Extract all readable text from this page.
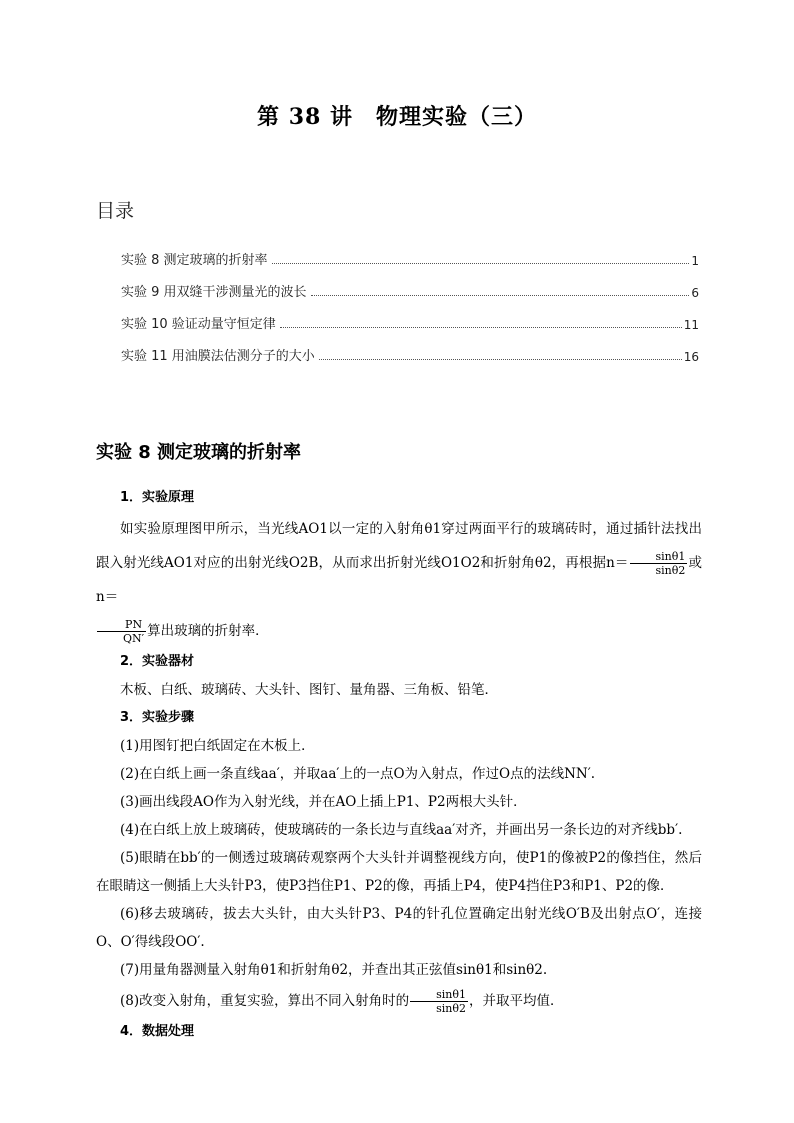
第 38 讲　物理实验（三）
目录
实验 8 测定玻璃的折射率	1
实验 9 用双缝干涉测量光的波长	6
实验 10 验证动量守恒定律	11
实验 11 用油膜法估测分子的大小	16
实验 8 测定玻璃的折射率
1．实验原理
如实验原理图甲所示，当光线AO1以一定的入射角θ1穿过两面平行的玻璃砖时，通过插针法找出跟入射光线AO1对应的出射光线O2B，从而求出折射光线O1O2和折射角θ2，再根据$n= \frac{\sin\theta 1}{\sin\theta 2}$ 或n＝

$\frac{PN}{QN'}$ 算出玻璃的折射率．
2．实验器材
木板、白纸、玻璃砖、大头针、图钉、量角器、三角板、铅笔．
3．实验步骤
(1)用图钉把白纸固定在木板上．
(2)在白纸上画一条直线aa′，并取aa′上的一点O为入射点，作过O点的法线NN′.
(3)画出线段AO作为入射光线，并在AO上插上P1、P2两根大头针．
(4)在白纸上放上玻璃砖，使玻璃砖的一条长边与直线aa′对齐，并画出另一条长边的对齐线bb′.
(5)眼睛在bb′的一侧透过玻璃砖观察两个大头针并调整视线方向，使P1的像被P2的像挡住，然后在眼睛这一侧插上大头针P3，使P3挡住P1、P2的像，再插上P4，使P4挡住P3和P1、P2的像．
(6)移去玻璃砖，拔去大头针，由大头针P3、P4的针孔位置确定出射光线O′B及出射点O′，连接O、O′得线段OO′.
(7)用量角器测量入射角θ1和折射角θ2，并查出其正弦值sinθ1和sinθ2.
(8)改变入射角，重复实验，算出不同入射角时的 $\frac{\sin\theta 1}{\sin\theta 2}$ ，并取平均值．
4．数据处理
